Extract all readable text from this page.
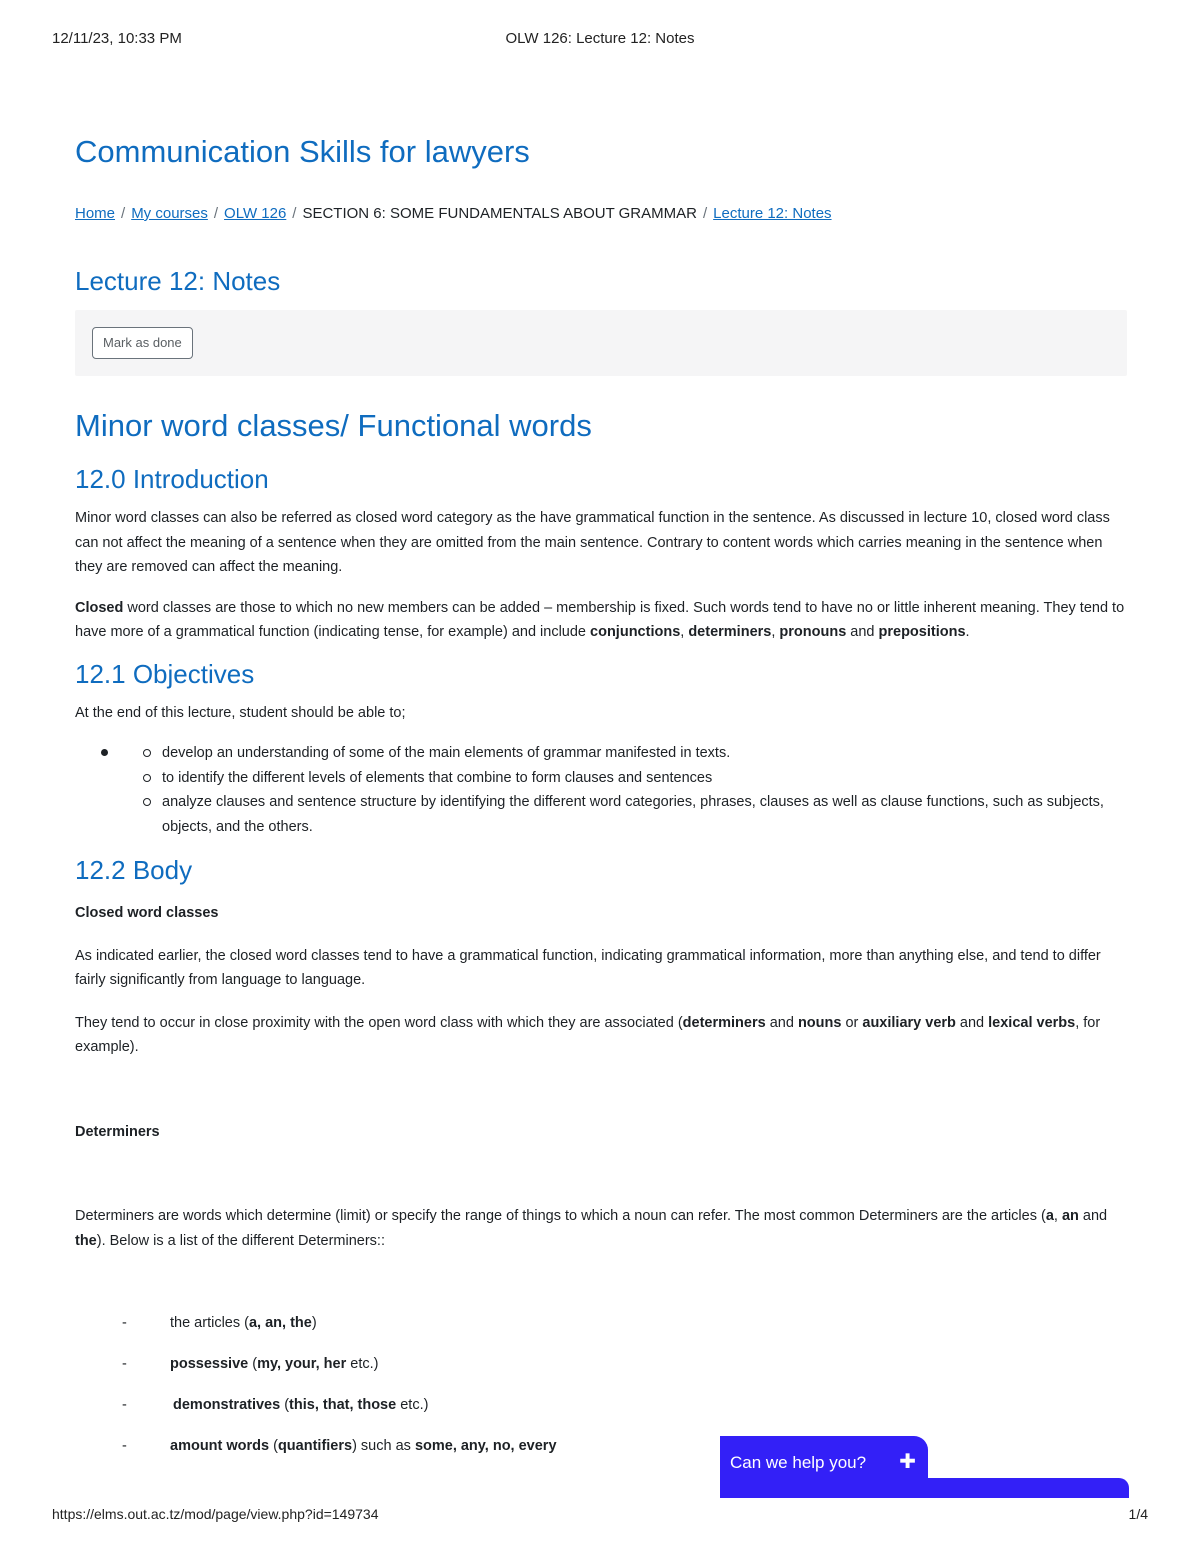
12/11/23, 10:33 PM	OLW 126: Lecture 12: Notes
Communication Skills for lawyers
Home / My courses / OLW 126 / SECTION 6: SOME FUNDAMENTALS ABOUT GRAMMAR / Lecture 12: Notes
Lecture 12: Notes
Mark as done
Minor word classes/ Functional words
12.0 Introduction

Minor word classes can also be referred as closed word category as the have grammatical function in the sentence. As discussed in lecture 10, closed word class can not affect the meaning of a sentence when they are omitted from the main sentence. Contrary to content words which carries meaning in the sentence when they are removed can affect the meaning.

Closed word classes are those to which no new members can be added – membership is fixed. Such words tend to have no or little inherent meaning. They tend to have more of a grammatical function (indicating tense, for example) and include conjunctions, determiners, pronouns and prepositions.

12.1 Objectives

At the end of this lecture, student should be able to;

develop an understanding of some of the main elements of grammar manifested in texts.
to identify the different levels of elements that combine to form clauses and sentences
analyze clauses and sentence structure by identifying the different word categories, phrases, clauses as well as clause functions, such as subjects, objects, and the others.
12.2 Body

Closed word classes

As indicated earlier, the closed word classes tend to have a grammatical function, indicating grammatical information, more than anything else, and tend to differ fairly significantly from language to language.

They tend to occur in close proximity with the open word class with which they are associated (determiners and nouns or auxiliary verb and lexical verbs, for example).

Determiners

Determiners are words which determine (limit) or specify the range of things to which a noun can refer. The most common Determiners are the articles (a, an and the). Below is a list of the different Determiners::

-	the articles (a, an, the)
-	possessive (my, your, her etc.)
-	demonstratives (this, that, those etc.)
-	amount words (quantifiers) such as some, any, no, every
Can we help you? ✚
https://elms.out.ac.tz/mod/page/view.php?id=149734	1/4
